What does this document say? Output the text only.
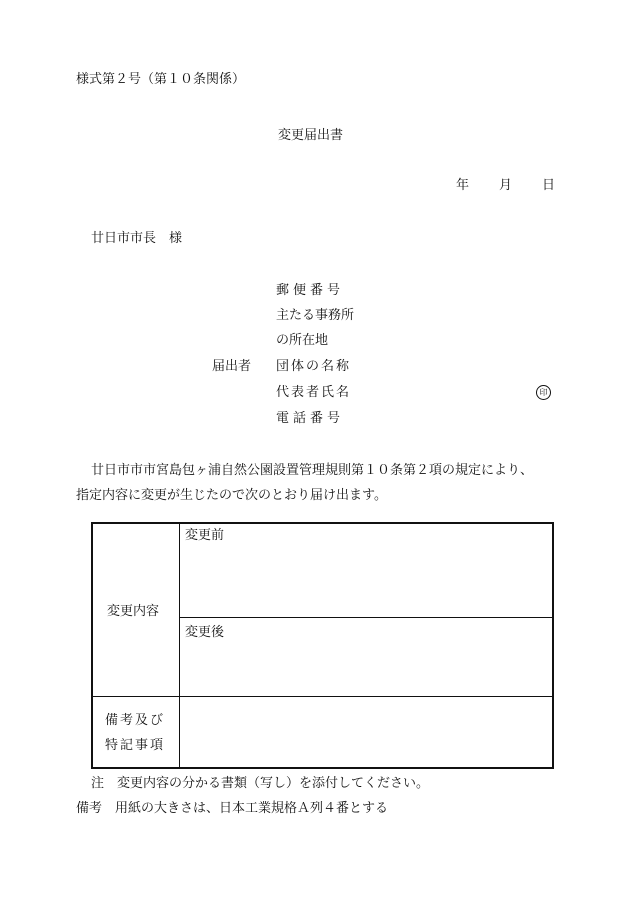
様式第２号（第１０条関係）
変更届出書
年 月 日
廿日市市長　様
郵便番号
主たる事務所
の所在地
届出者 団体の名称
代表者氏名	印
電話番号
廿日市市市宮島包ヶ浦自然公園設置管理規則第１０条第２項の規定により、
指定内容に変更が生じたので次のとおり届け出ます。
変更内容
変更前
変更後
備考及び
特記事項
注　変更内容の分かる書類（写し）を添付してください。
備考　用紙の大きさは、日本工業規格Ａ列４番とする
